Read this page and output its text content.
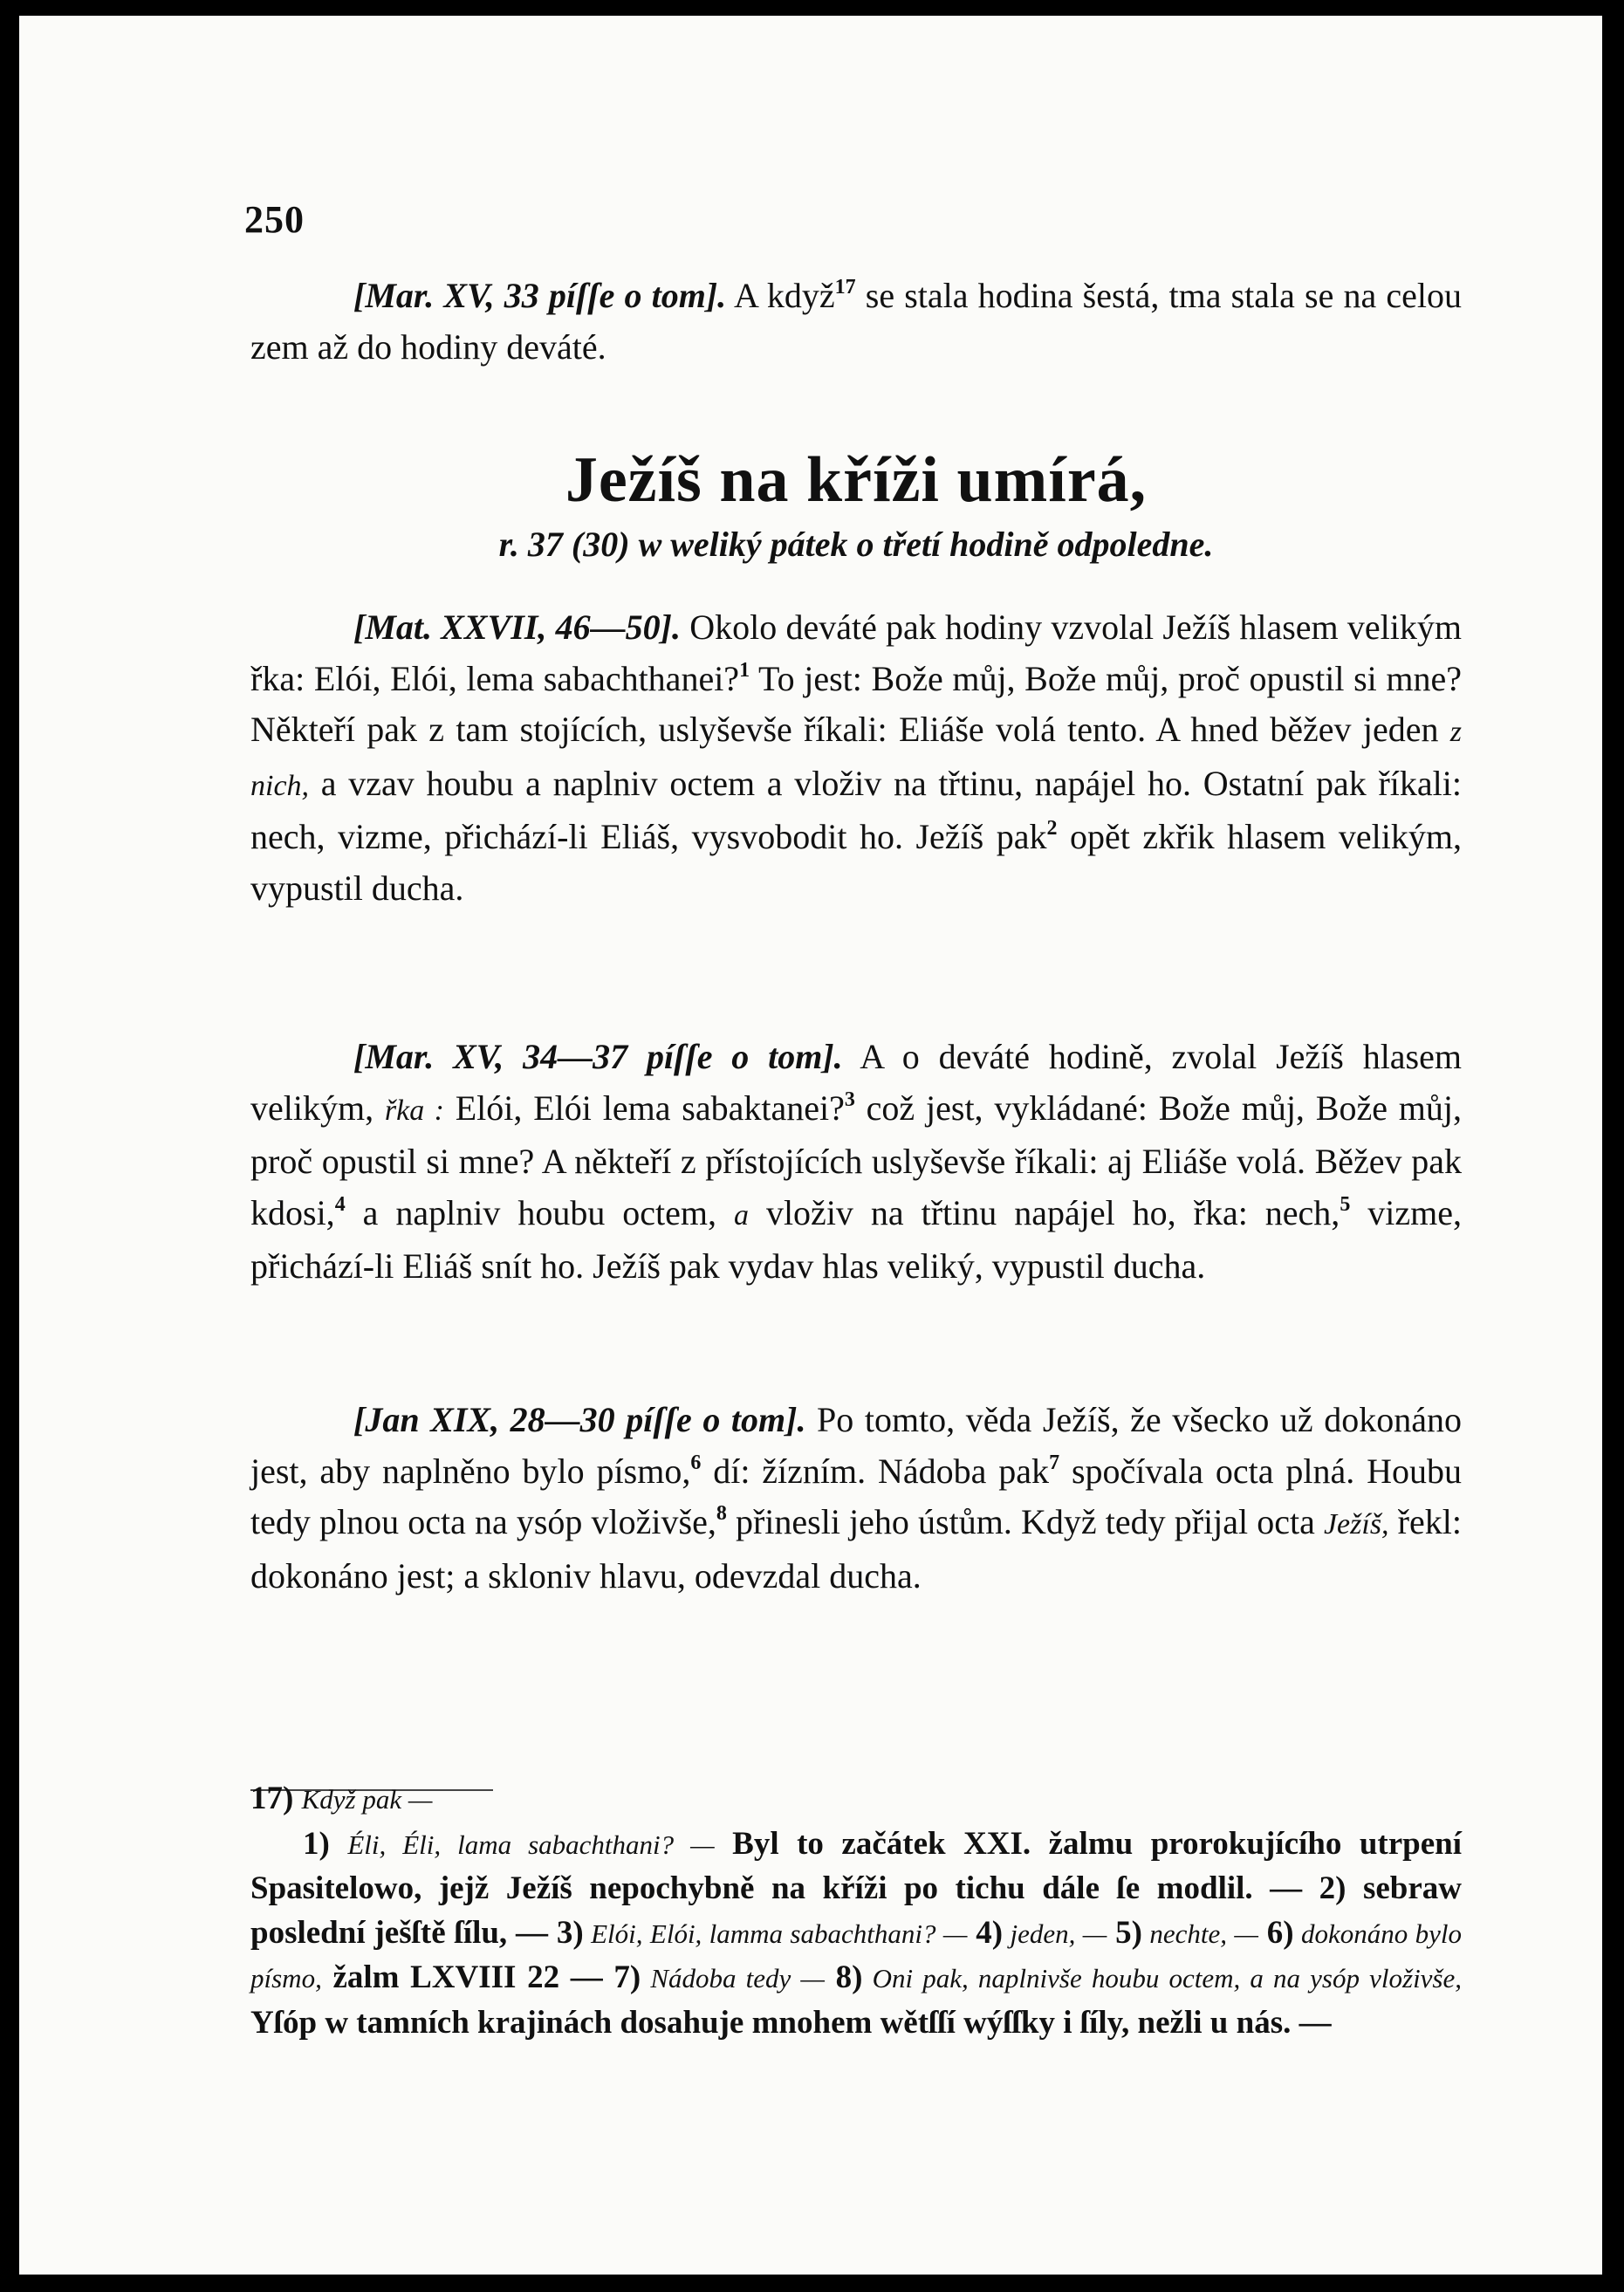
250

[Mar. XV, 33 píſſe o tom]. A když$^{17}$ se stala hodina šestá, tma stala se na celou zem až do hodiny deváté.

Ježíš na kříži umírá,
r. 37 (30) w weliký pátek o třetí hodině odpoledne.

[Mat. XXVII, 46—50]. Okolo deváté pak hodiny vzvolal Ježíš hlasem velikým řka: Elói, Elói, lema sabachthanei?$^1$ To jest: Bože můj, Bože můj, proč opustil si mne? Někteří pak z tam stojících, uslyševše říkali: Eliáše volá tento. A hned běžev jeden z nich, a vzav houbu a naplniv octem a vloživ na třtinu, napájel ho. Ostatní pak říkali: nech, vizme, přichází-li Eliáš, vysvobodit ho. Ježíš pak$^2$ opět zkřik hlasem velikým, vypustil ducha.

[Mar. XV, 34—37 píſſe o tom]. A o deváté hodině, zvolal Ježíš hlasem velikým, řka : Elói, Elói lema sabaktanei?$^3$ což jest, vykládané: Bože můj, Bože můj, proč opustil si mne? A někteří z přístojících uslyševše říkali: aj Eliáše volá. Běžev pak kdosi,$^4$ a naplniv houbu octem, a vloživ na třtinu napájel ho, řka: nech,$^5$ vizme, přichází-li Eliáš snít ho. Ježíš pak vydav hlas veliký, vypustil ducha.

[Jan XIX, 28—30 píſſe o tom]. Po tomto, věda Ježíš, že všecko už dokonáno jest, aby naplněno bylo písmo,$^6$ dí: žízním. Nádoba pak$^7$ spočívala octa plná. Houbu tedy plnou octa na ysóp vloživše,$^8$ přinesli jeho ústům. Když tedy přijal octa Ježíš, řekl: dokonáno jest; a skloniv hlavu, odevzdal ducha.

17) Když pak —
1) Éli, Éli, lama sabachthani? — Byl to začátek XXI. žalmu prorokujícího utrpení Spasitelowo, jejž Ježíš nepochybně na kříži po tichu dále ſe modlil. — 2) sebraw poslední ješſtě ſílu, — 3) Elói, Elói, lamma sabachthani? — 4) jeden, — 5) nechte, — 6) dokonáno bylo písmo, žalm LXVIII 22 — 7) Nádoba tedy — 8) Oni pak, naplnivše houbu octem, a na ysóp vloživše, Yſóp w tamních krajinách dosahuje mnohem wětſſí wýſſky i ſíly, nežli u nás. —
